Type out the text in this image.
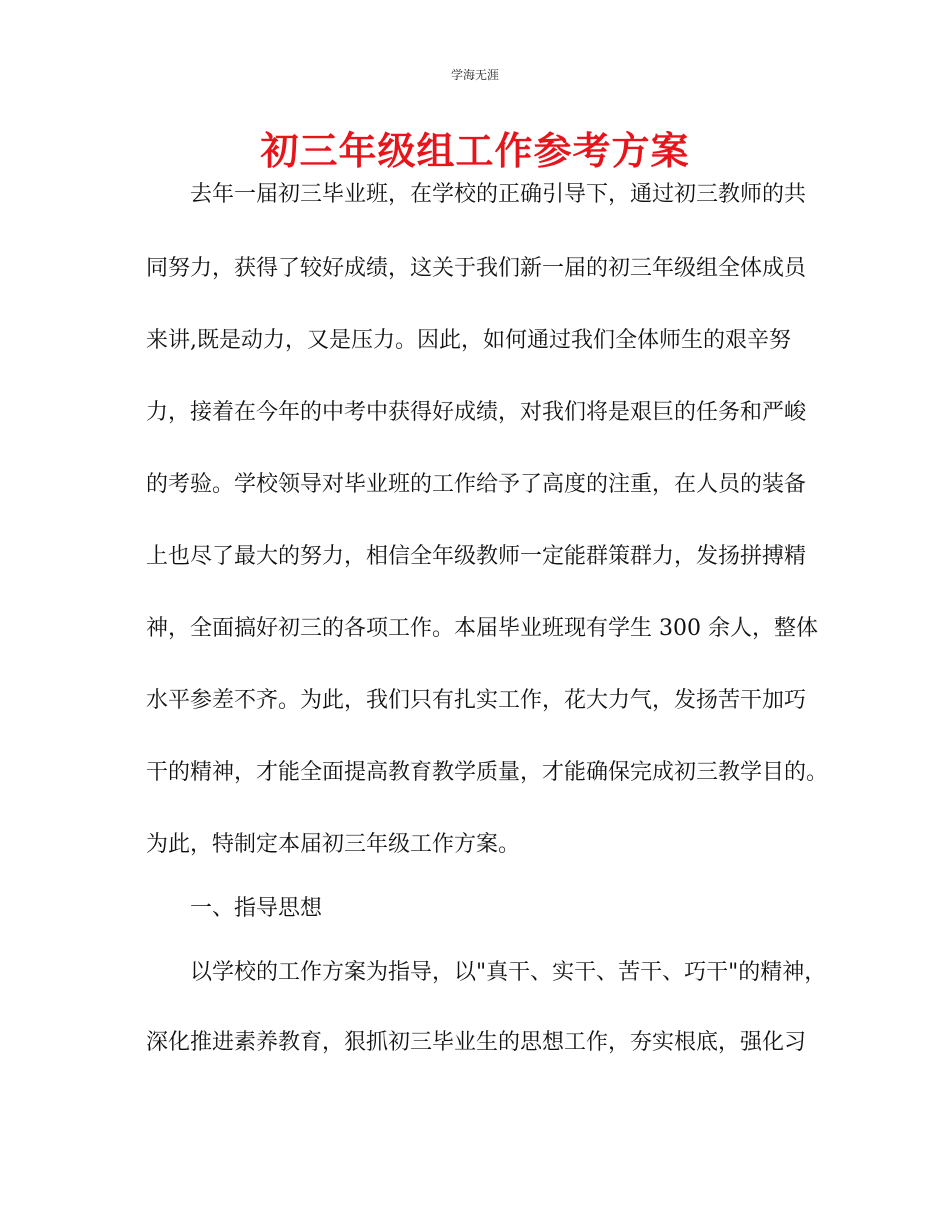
学海无涯
初三年级组工作参考方案
去年一届初三毕业班，在学校的正确引导下，通过初三教师的共
同努力，获得了较好成绩，这关于我们新一届的初三年级组全体成员
来讲,既是动力，又是压力。因此，如何通过我们全体师生的艰辛努
力，接着在今年的中考中获得好成绩，对我们将是艰巨的任务和严峻
的考验。学校领导对毕业班的工作给予了高度的注重，在人员的装备
上也尽了最大的努力，相信全年级教师一定能群策群力，发扬拼搏精
神，全面搞好初三的各项工作。本届毕业班现有学生 300 余人，整体
水平参差不齐。为此，我们只有扎实工作，花大力气，发扬苦干加巧
干的精神，才能全面提高教育教学质量，才能确保完成初三教学目的。
为此，特制定本届初三年级工作方案。
一、指导思想
以学校的工作方案为指导，以"真干、实干、苦干、巧干"的精神，
深化推进素养教育，狠抓初三毕业生的思想工作，夯实根底，强化习
